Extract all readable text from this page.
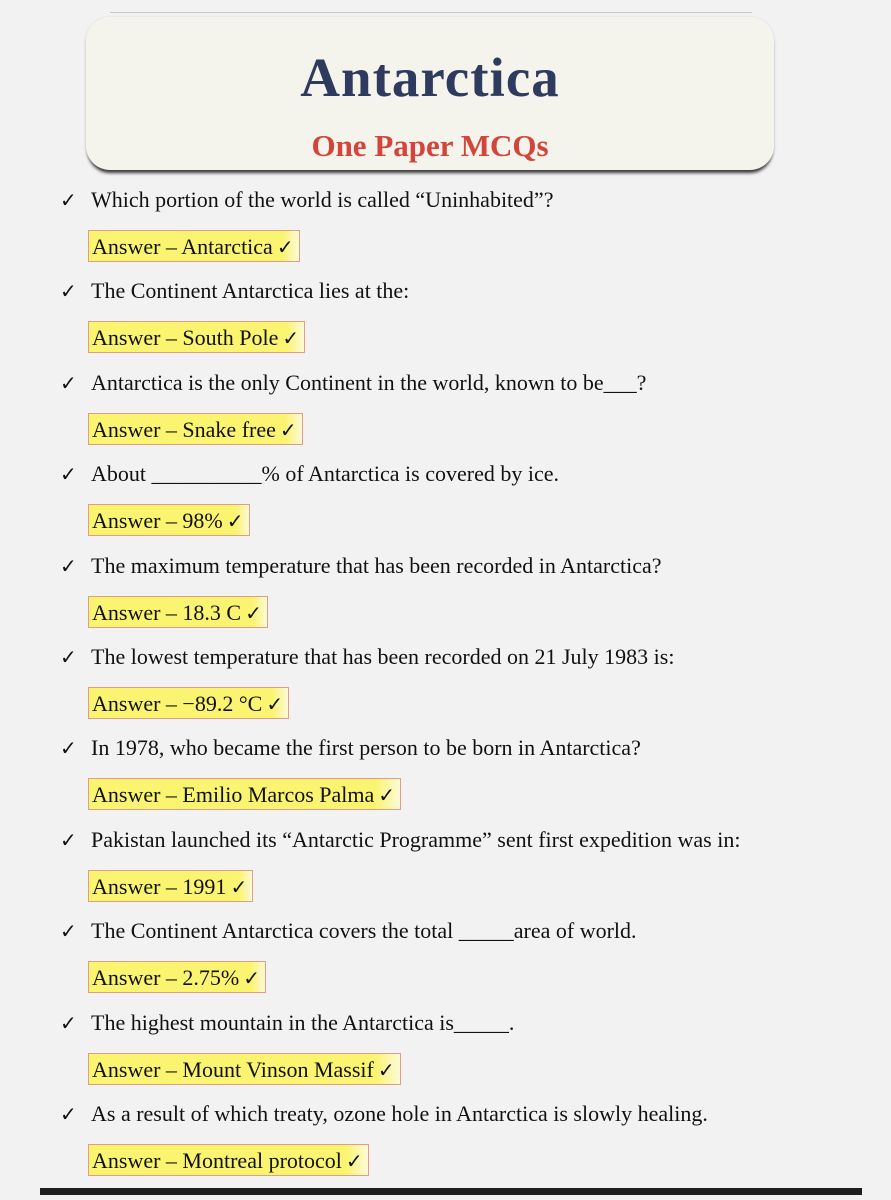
Antarctica
One Paper MCQs
✓ Which portion of the world is called “Uninhabited”?
Answer – Antarctica ✓
✓ The Continent Antarctica lies at the:
Answer – South Pole ✓
✓ Antarctica is the only Continent in the world, known to be___?
Answer – Snake free ✓
✓ About __________% of Antarctica is covered by ice.
Answer – 98% ✓
✓ The maximum temperature that has been recorded in Antarctica?
Answer – 18.3 C ✓
✓ The lowest temperature that has been recorded on 21 July 1983 is:
Answer – −89.2 °C ✓
✓ In 1978, who became the first person to be born in Antarctica?
Answer – Emilio Marcos Palma ✓
✓ Pakistan launched its “Antarctic Programme” sent first expedition was in:
Answer – 1991 ✓
✓ The Continent Antarctica covers the total _____area of world.
Answer – 2.75% ✓
✓ The highest mountain in the Antarctica is_____.
Answer – Mount Vinson Massif ✓
✓ As a result of which treaty, ozone hole in Antarctica is slowly healing.
Answer – Montreal protocol ✓
